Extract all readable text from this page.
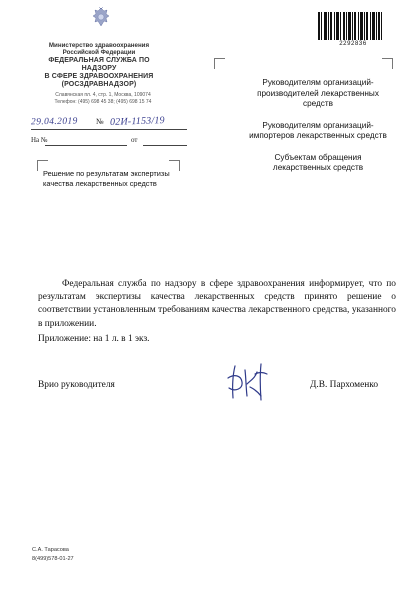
Министерство здравоохранения
Российской Федерации
ФЕДЕРАЛЬНАЯ СЛУЖБА ПО НАДЗОРУ
В СФЕРЕ ЗДРАВООХРАНЕНИЯ
(РОСЗДРАВНАДЗОР)
Славянская пл. 4, стр. 1, Москва, 109074
Телефон: (495) 698 45 38; (495) 698 15 74
29.04.2019 № 02И-1153/19
На №	от
Решение по результатам экспертизы
качества лекарственных средств
2292836
Руководителям организаций-
производителей лекарственных
средств
Руководителям организаций-
импортеров лекарственных средств
Субъектам обращения
лекарственных средств
Федеральная служба по надзору в сфере здравоохранения информирует, что по результатам экспертизы качества лекарственных средств принято решение о соответствии установленным требованиям качества лекарственного средства, указанного в приложении.
Приложение: на 1 л. в 1 экз.
Врио руководителя	Д.В. Пархоменко
С.А. Тарасова
8(499)578-01-27
